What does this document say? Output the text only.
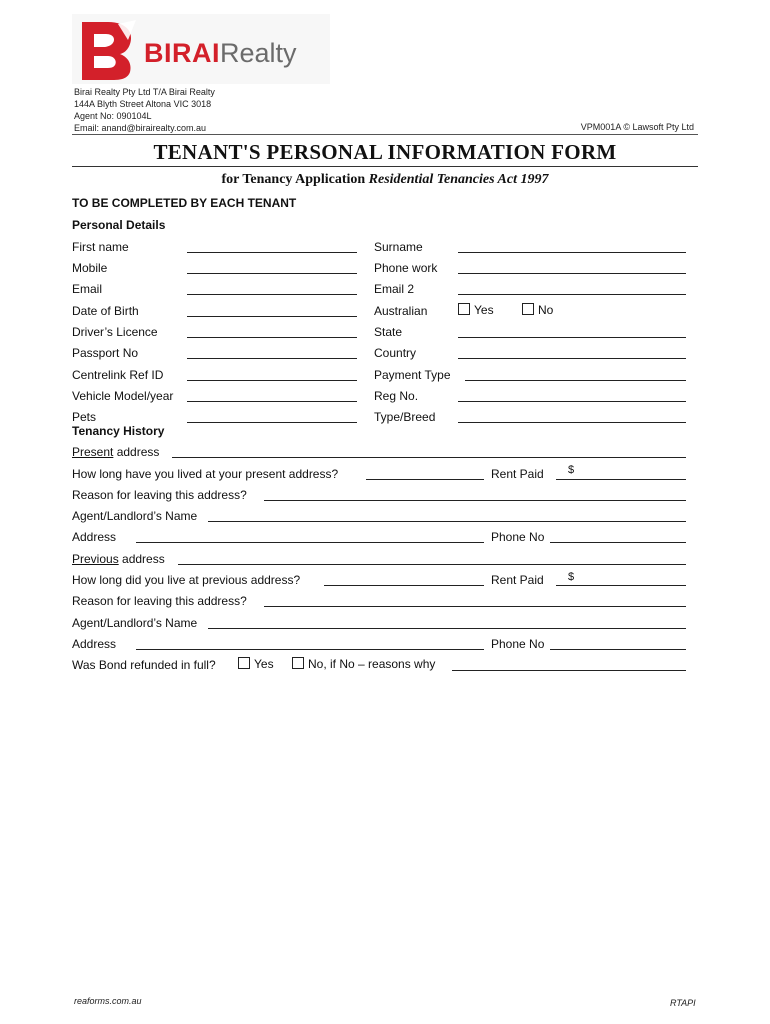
BIRAIRealty
Birai Realty Pty Ltd T/A Birai Realty
144A Blyth Street Altona VIC 3018
Agent No: 090104L
Email: anand@birairealty.com.au	VPM001A © Lawsoft Pty Ltd
TENANT'S PERSONAL INFORMATION FORM
for Tenancy Application Residential Tenancies Act 1997
TO BE COMPLETED BY EACH TENANT
Personal Details
First name	Surname
Mobile	Phone work
Email	Email 2
Date of Birth	Australian	Yes	No
Driver’s Licence	State
Passport No	Country
Centrelink Ref ID	Payment Type
Vehicle Model/year	Reg No.
Pets	Type/Breed
Tenancy History
Present address
How long have you lived at your present address?	Rent Paid $
Reason for leaving this address?
Agent/Landlord’s Name
Address	Phone No
Previous address
How long did you live at previous address?	Rent Paid $
Reason for leaving this address?
Agent/Landlord’s Name
Address	Phone No
Was Bond refunded in full?	Yes	No, if No – reasons why
reaforms.com.au	RTAPI
